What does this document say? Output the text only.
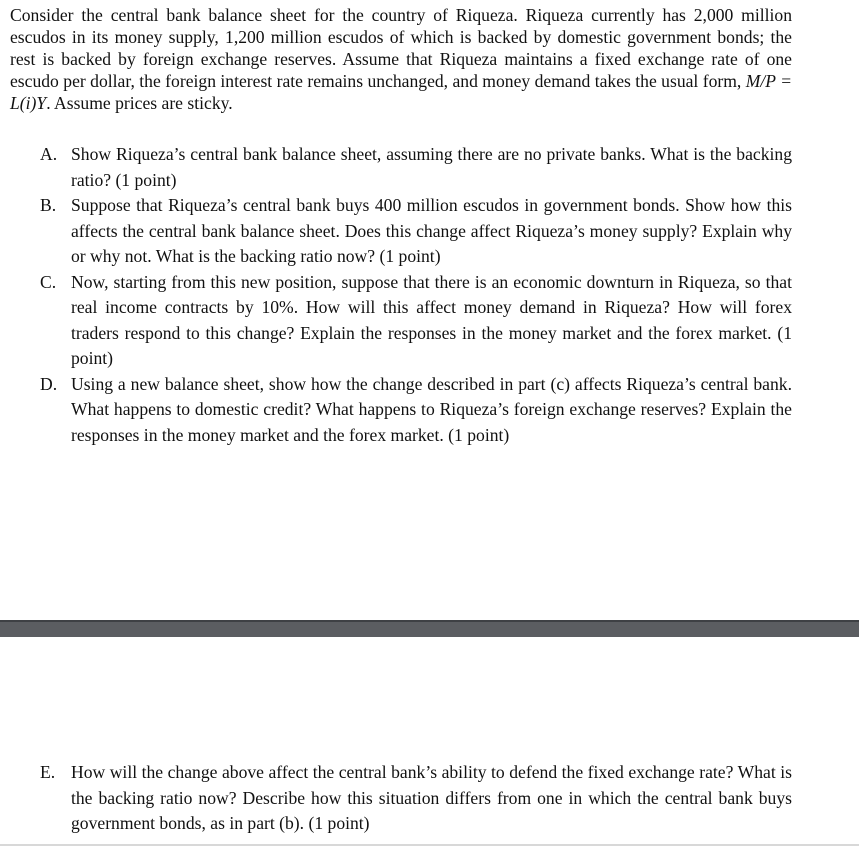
Consider the central bank balance sheet for the country of Riqueza. Riqueza currently has 2,000 million escudos in its money supply, 1,200 million escudos of which is backed by domestic government bonds; the rest is backed by foreign exchange reserves. Assume that Riqueza maintains a fixed exchange rate of one escudo per dollar, the foreign interest rate remains unchanged, and money demand takes the usual form, M/P = L(i)Y. Assume prices are sticky.

A. Show Riqueza’s central bank balance sheet, assuming there are no private banks. What is the backing ratio? (1 point)
B. Suppose that Riqueza’s central bank buys 400 million escudos in government bonds. Show how this affects the central bank balance sheet. Does this change affect Riqueza’s money supply? Explain why or why not. What is the backing ratio now? (1 point)
C. Now, starting from this new position, suppose that there is an economic downturn in Riqueza, so that real income contracts by 10%. How will this affect money demand in Riqueza? How will forex traders respond to this change? Explain the responses in the money market and the forex market. (1 point)
D. Using a new balance sheet, show how the change described in part (c) affects Riqueza’s central bank. What happens to domestic credit? What happens to Riqueza’s foreign exchange reserves? Explain the responses in the money market and the forex market. (1 point)
E. How will the change above affect the central bank’s ability to defend the fixed exchange rate? What is the backing ratio now? Describe how this situation differs from one in which the central bank buys government bonds, as in part (b). (1 point)
